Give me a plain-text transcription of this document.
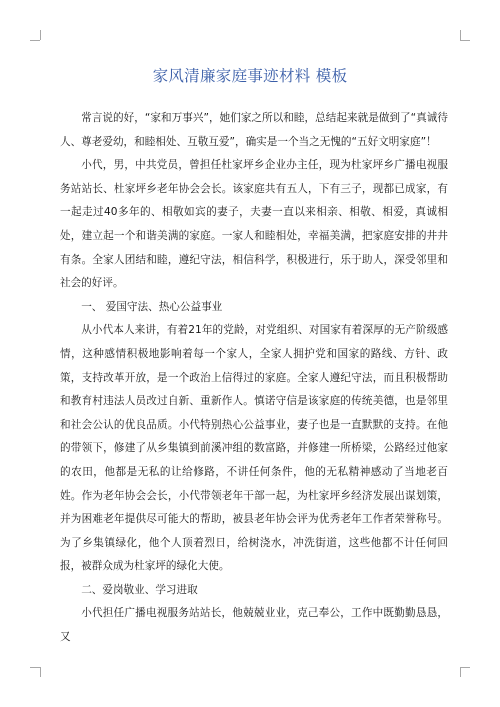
家风清廉家庭事迹材料 模板

常言说的好，“家和万事兴”，她们家之所以和睦，总结起来就是做到了“真诚待人、尊老爱幼，和睦相处、互敬互爱”，确实是一个当之无愧的“五好文明家庭”！

小代，男，中共党员，曾担任杜家坪乡企业办主任，现为杜家坪乡广播电视服务站站长、杜家坪乡老年协会会长。该家庭共有五人，下有三子，现都已成家，有一起走过40多年的、相敬如宾的妻子，夫妻一直以来相亲、相敬、相爱，真诚相处，建立起一个和谐美满的家庭。一家人和睦相处，幸福美满，把家庭安排的井井有条。全家人团结和睦，遵纪守法，相信科学，积极进行，乐于助人，深受邻里和社会的好评。

一、 爱国守法、热心公益事业

从小代本人来讲，有着21年的党龄，对党组织、对国家有着深厚的无产阶级感情，这种感情积极地影响着每一个家人，全家人拥护党和国家的路线、方针、政策，支持改革开放，是一个政治上信得过的家庭。全家人遵纪守法，而且积极帮助和教育村违法人员改过自新、重新作人。慎诺守信是该家庭的传统美德，也是邻里和社会公认的优良品质。小代特别热心公益事业，妻子也是一直默默的支持。在他的带领下，修建了从乡集镇到前溪冲组的数富路，并修建一所桥梁，公路经过他家的农田，他都是无私的让给修路，不讲任何条件，他的无私精神感动了当地老百姓。作为老年协会会长，小代带领老年干部一起，为杜家坪乡经济发展出谋划策，并为困难老年提供尽可能大的帮助，被县老年协会评为优秀老年工作者荣誉称号。为了乡集镇绿化，他个人顶着烈日，给树浇水，冲洗街道，这些他都不计任何回报，被群众成为杜家坪的绿化大使。

二、爱岗敬业、学习进取

小代担任广播电视服务站站长，他兢兢业业，克己奉公，工作中既勤勤恳恳，又
